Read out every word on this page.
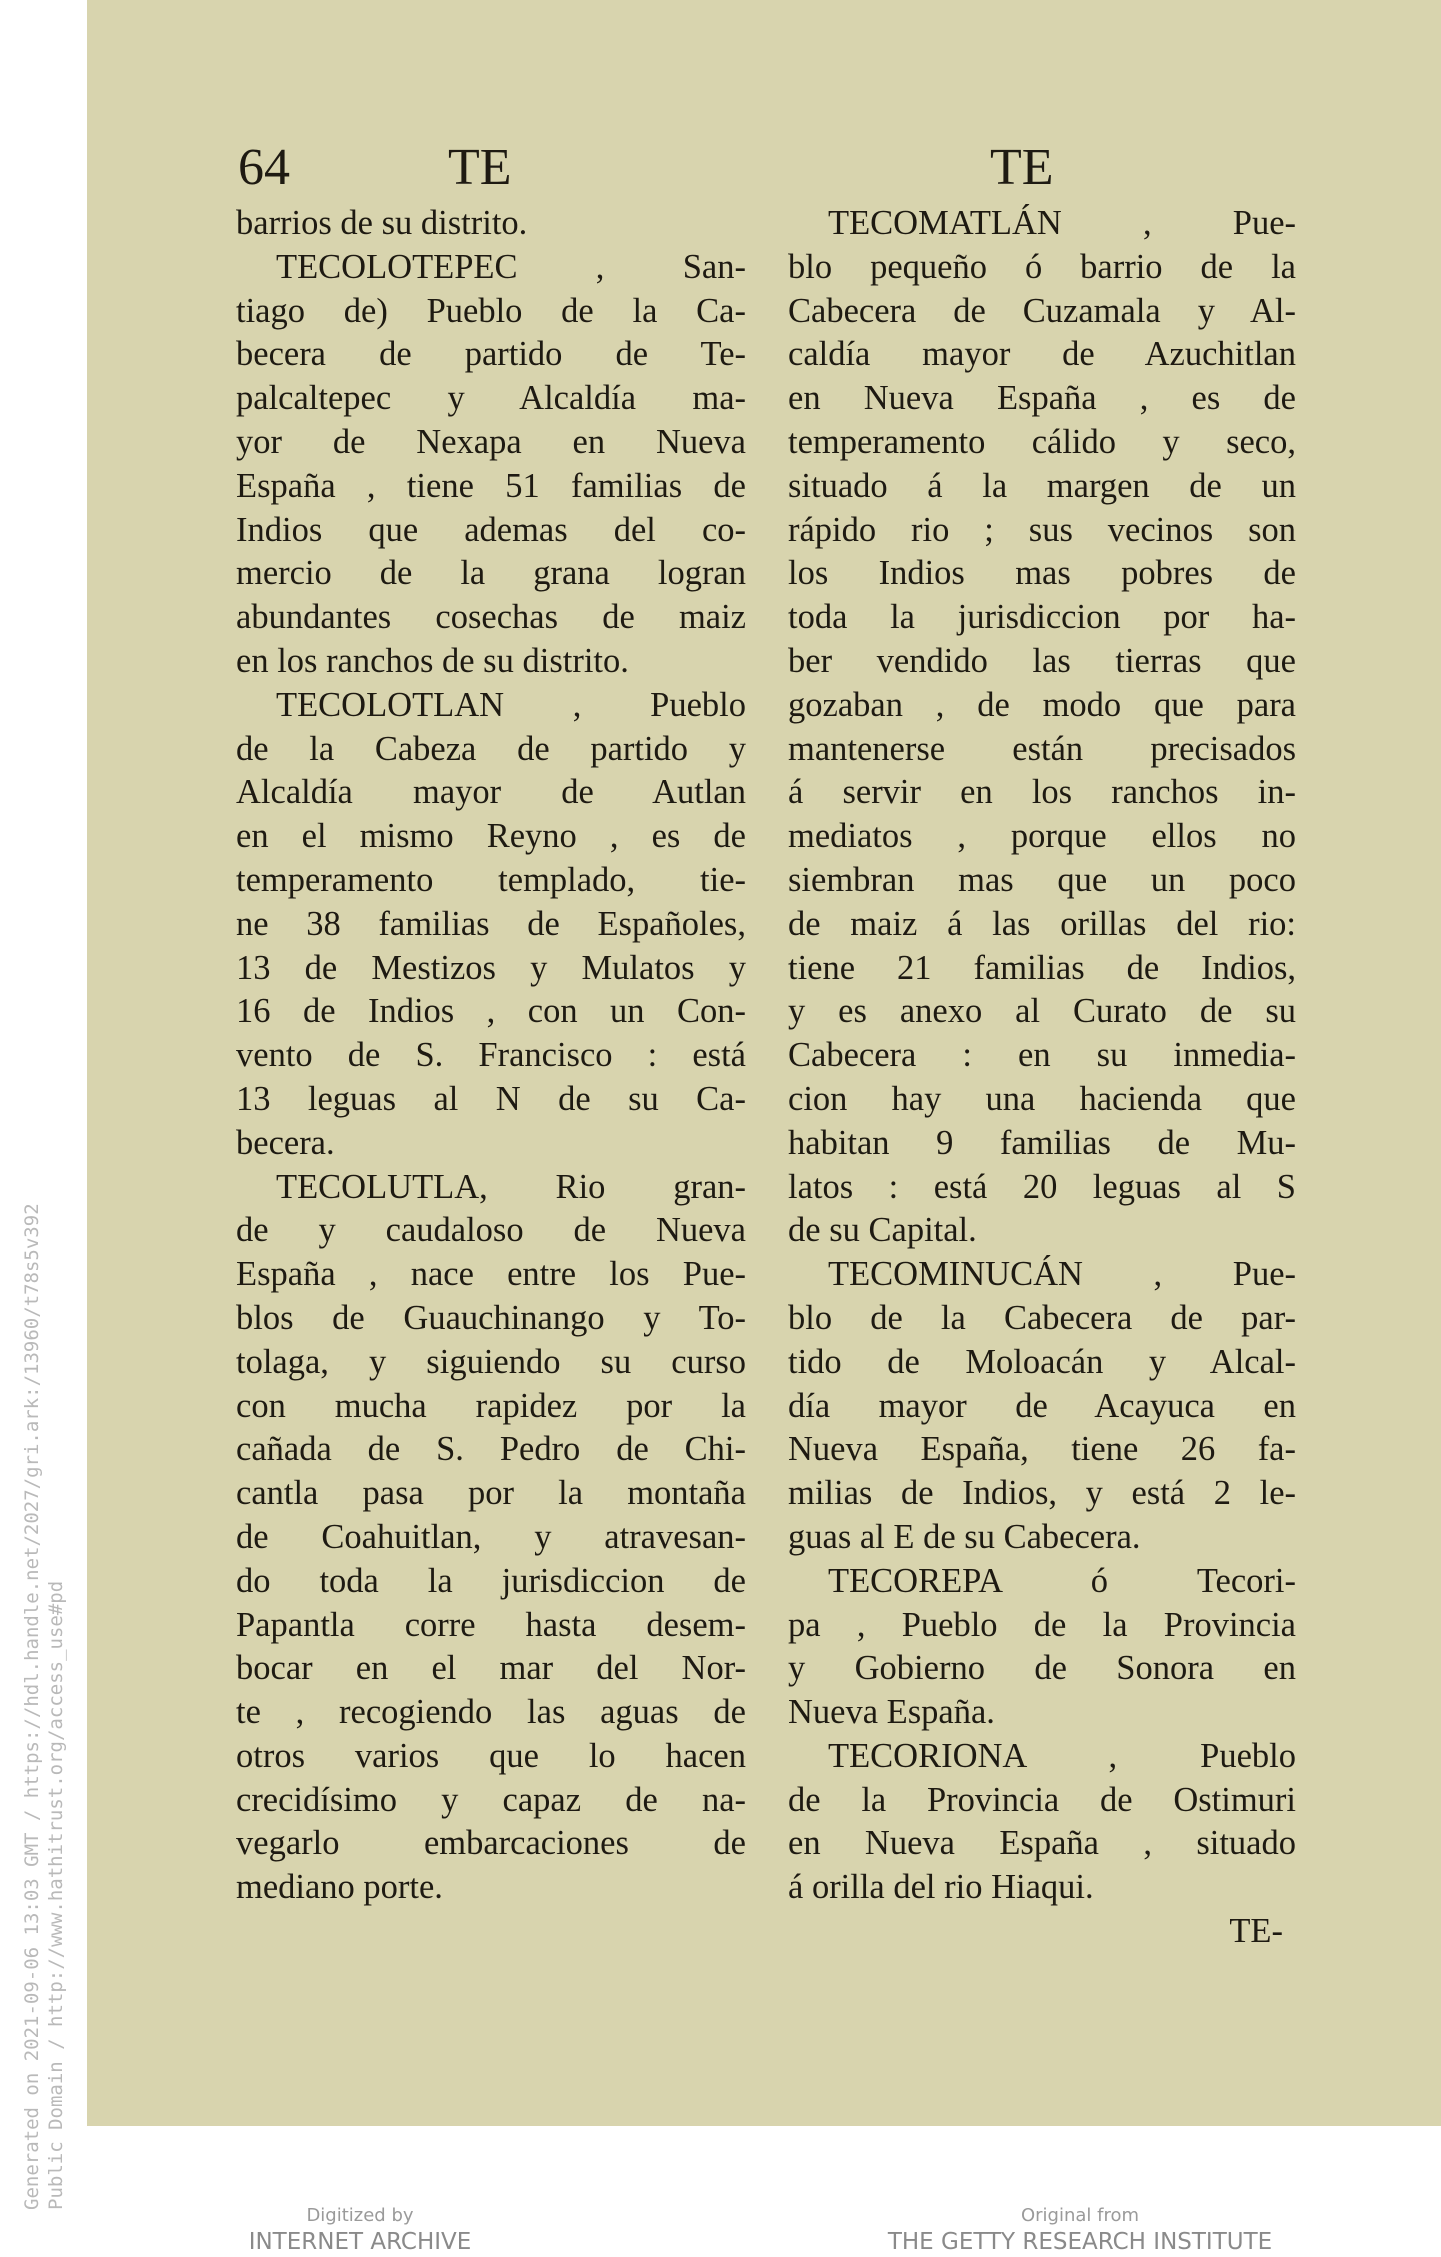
Generated on 2021-09-06 13:03 GMT / https://hdl.handle.net/2027/gri.ark:/13960/t78s5v392 Public Domain / http://www.hathitrust.org/access_use#pd
64	TE	TE
barrios de su distrito.
TECOLOTEPEC , San-
tiago de) Pueblo de la Ca-
becera de partido de Te-
palcaltepec y Alcaldía ma-
yor de Nexapa en Nueva
España , tiene 51 familias de
Indios que ademas del co-
mercio de la grana logran
abundantes cosechas de maiz
en los ranchos de su distrito.
TECOLOTLAN , Pueblo
de la Cabeza de partido y
Alcaldía mayor de Autlan
en el mismo Reyno , es de
temperamento templado, tie-
ne 38 familias de Españoles,
13 de Mestizos y Mulatos y
16 de Indios , con un Con-
vento de S. Francisco : está
13 leguas al N de su Ca-
becera.
TECOLUTLA, Rio gran-
de y caudaloso de Nueva
España , nace entre los Pue-
blos de Guauchinango y To-
tolaga, y siguiendo su curso
con mucha rapidez por la
cañada de S. Pedro de Chi-
cantla pasa por la montaña
de Coahuitlan, y atravesan-
do toda la jurisdiccion de
Papantla corre hasta desem-
bocar en el mar del Nor-
te , recogiendo las aguas de
otros varios que lo hacen
crecidísimo y capaz de na-
vegarlo embarcaciones de
mediano porte.
TECOMATLÁN , Pue-
blo pequeño ó barrio de la
Cabecera de Cuzamala y Al-
caldía mayor de Azuchitlan
en Nueva España , es de
temperamento cálido y seco,
situado á la margen de un
rápido rio ; sus vecinos son
los Indios mas pobres de
toda la jurisdiccion por ha-
ber vendido las tierras que
gozaban , de modo que para
mantenerse están precisados
á servir en los ranchos in-
mediatos , porque ellos no
siembran mas que un poco
de maiz á las orillas del rio:
tiene 21 familias de Indios,
y es anexo al Curato de su
Cabecera : en su inmedia-
cion hay una hacienda que
habitan 9 familias de Mu-
latos : está 20 leguas al S
de su Capital.
TECOMINUCÁN , Pue-
blo de la Cabecera de par-
tido de Moloacán y Alcal-
día mayor de Acayuca en
Nueva España, tiene 26 fa-
milias de Indios, y está 2 le-
guas al E de su Cabecera.
TECOREPA ó Tecori-
pa , Pueblo de la Provincia
y Gobierno de Sonora en
Nueva España.
TECORIONA , Pueblo
de la Provincia de Ostimuri
en Nueva España , situado
á orilla del rio Hiaqui.
TE-
Digitized by
INTERNET ARCHIVE
Original from
THE GETTY RESEARCH INSTITUTE
